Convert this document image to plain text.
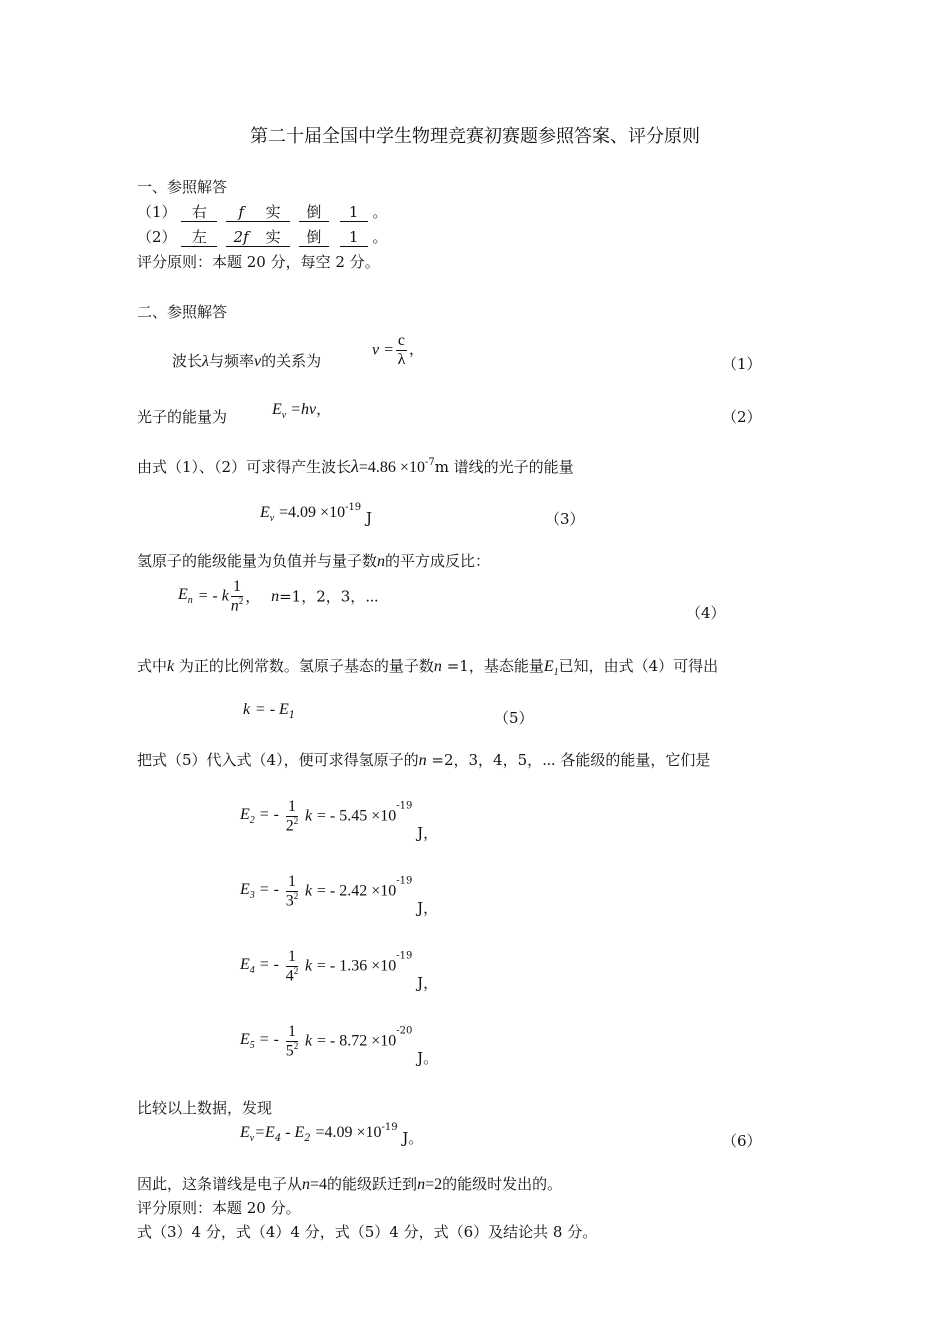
第二十届全国中学生物理竞赛初赛题参照答案、评分原则
一、参照解答
（1） 右 f 实 倒 1 。
（2） 左 2f 实 倒 1 。
评分原则：本题 20 分，每空 2 分。
二、参照解答
波长λ与频率ν的关系为
$\nu = \frac{c}{\lambda}$ ，
（1）
光子的能量为	$E_\nu =h\nu$，	（2）
由式（1）、（2）可求得产生波长$\lambda=4.86 \times 10^{-7}m$ 谱线的光子的能量
$E_\nu =4.09 \times 10^{-19}$ J	（3）
氢原子的能级能量为负值并与量子数n的平方成反比：
$E_n$ = - k $\frac{1}{n^2}$ ， n=1，2，3，⋯
（4）
式中k 为正的比例常数。氢原子基态的量子数n =1，基态能量$E_1$已知，由式（4）可得出
k = - $E_1$	（5）
把式（5）代入式（4），便可求得氢原子的n =2，3，4，5，⋯ 各能级的能量，它们是
$E_2$ = - $\frac{1}{2^2}$ k = - $5.45 \times 10^{-19}$ J，
$E_3$ = - $\frac{1}{3^2}$ k = - $2.42 \times 10^{-19}$ J，
$E_4$ = - $\frac{1}{4^2}$ k = - $1.36 \times 10^{-19}$ J，
$E_5$ = - $\frac{1}{5^2}$ k = - $8.72 \times 10^{-20}$ J。
比较以上数据，发现
$E_\nu=E_4 - E_2 =4.09 \times 10^{-19}$ J。	（6）
因此，这条谱线是电子从n=4的能级跃迁到n=2的能级时发出的。
评分原则：本题 20 分。
式（3）4 分，式（4）4 分，式（5）4 分，式（6）及结论共 8 分。
